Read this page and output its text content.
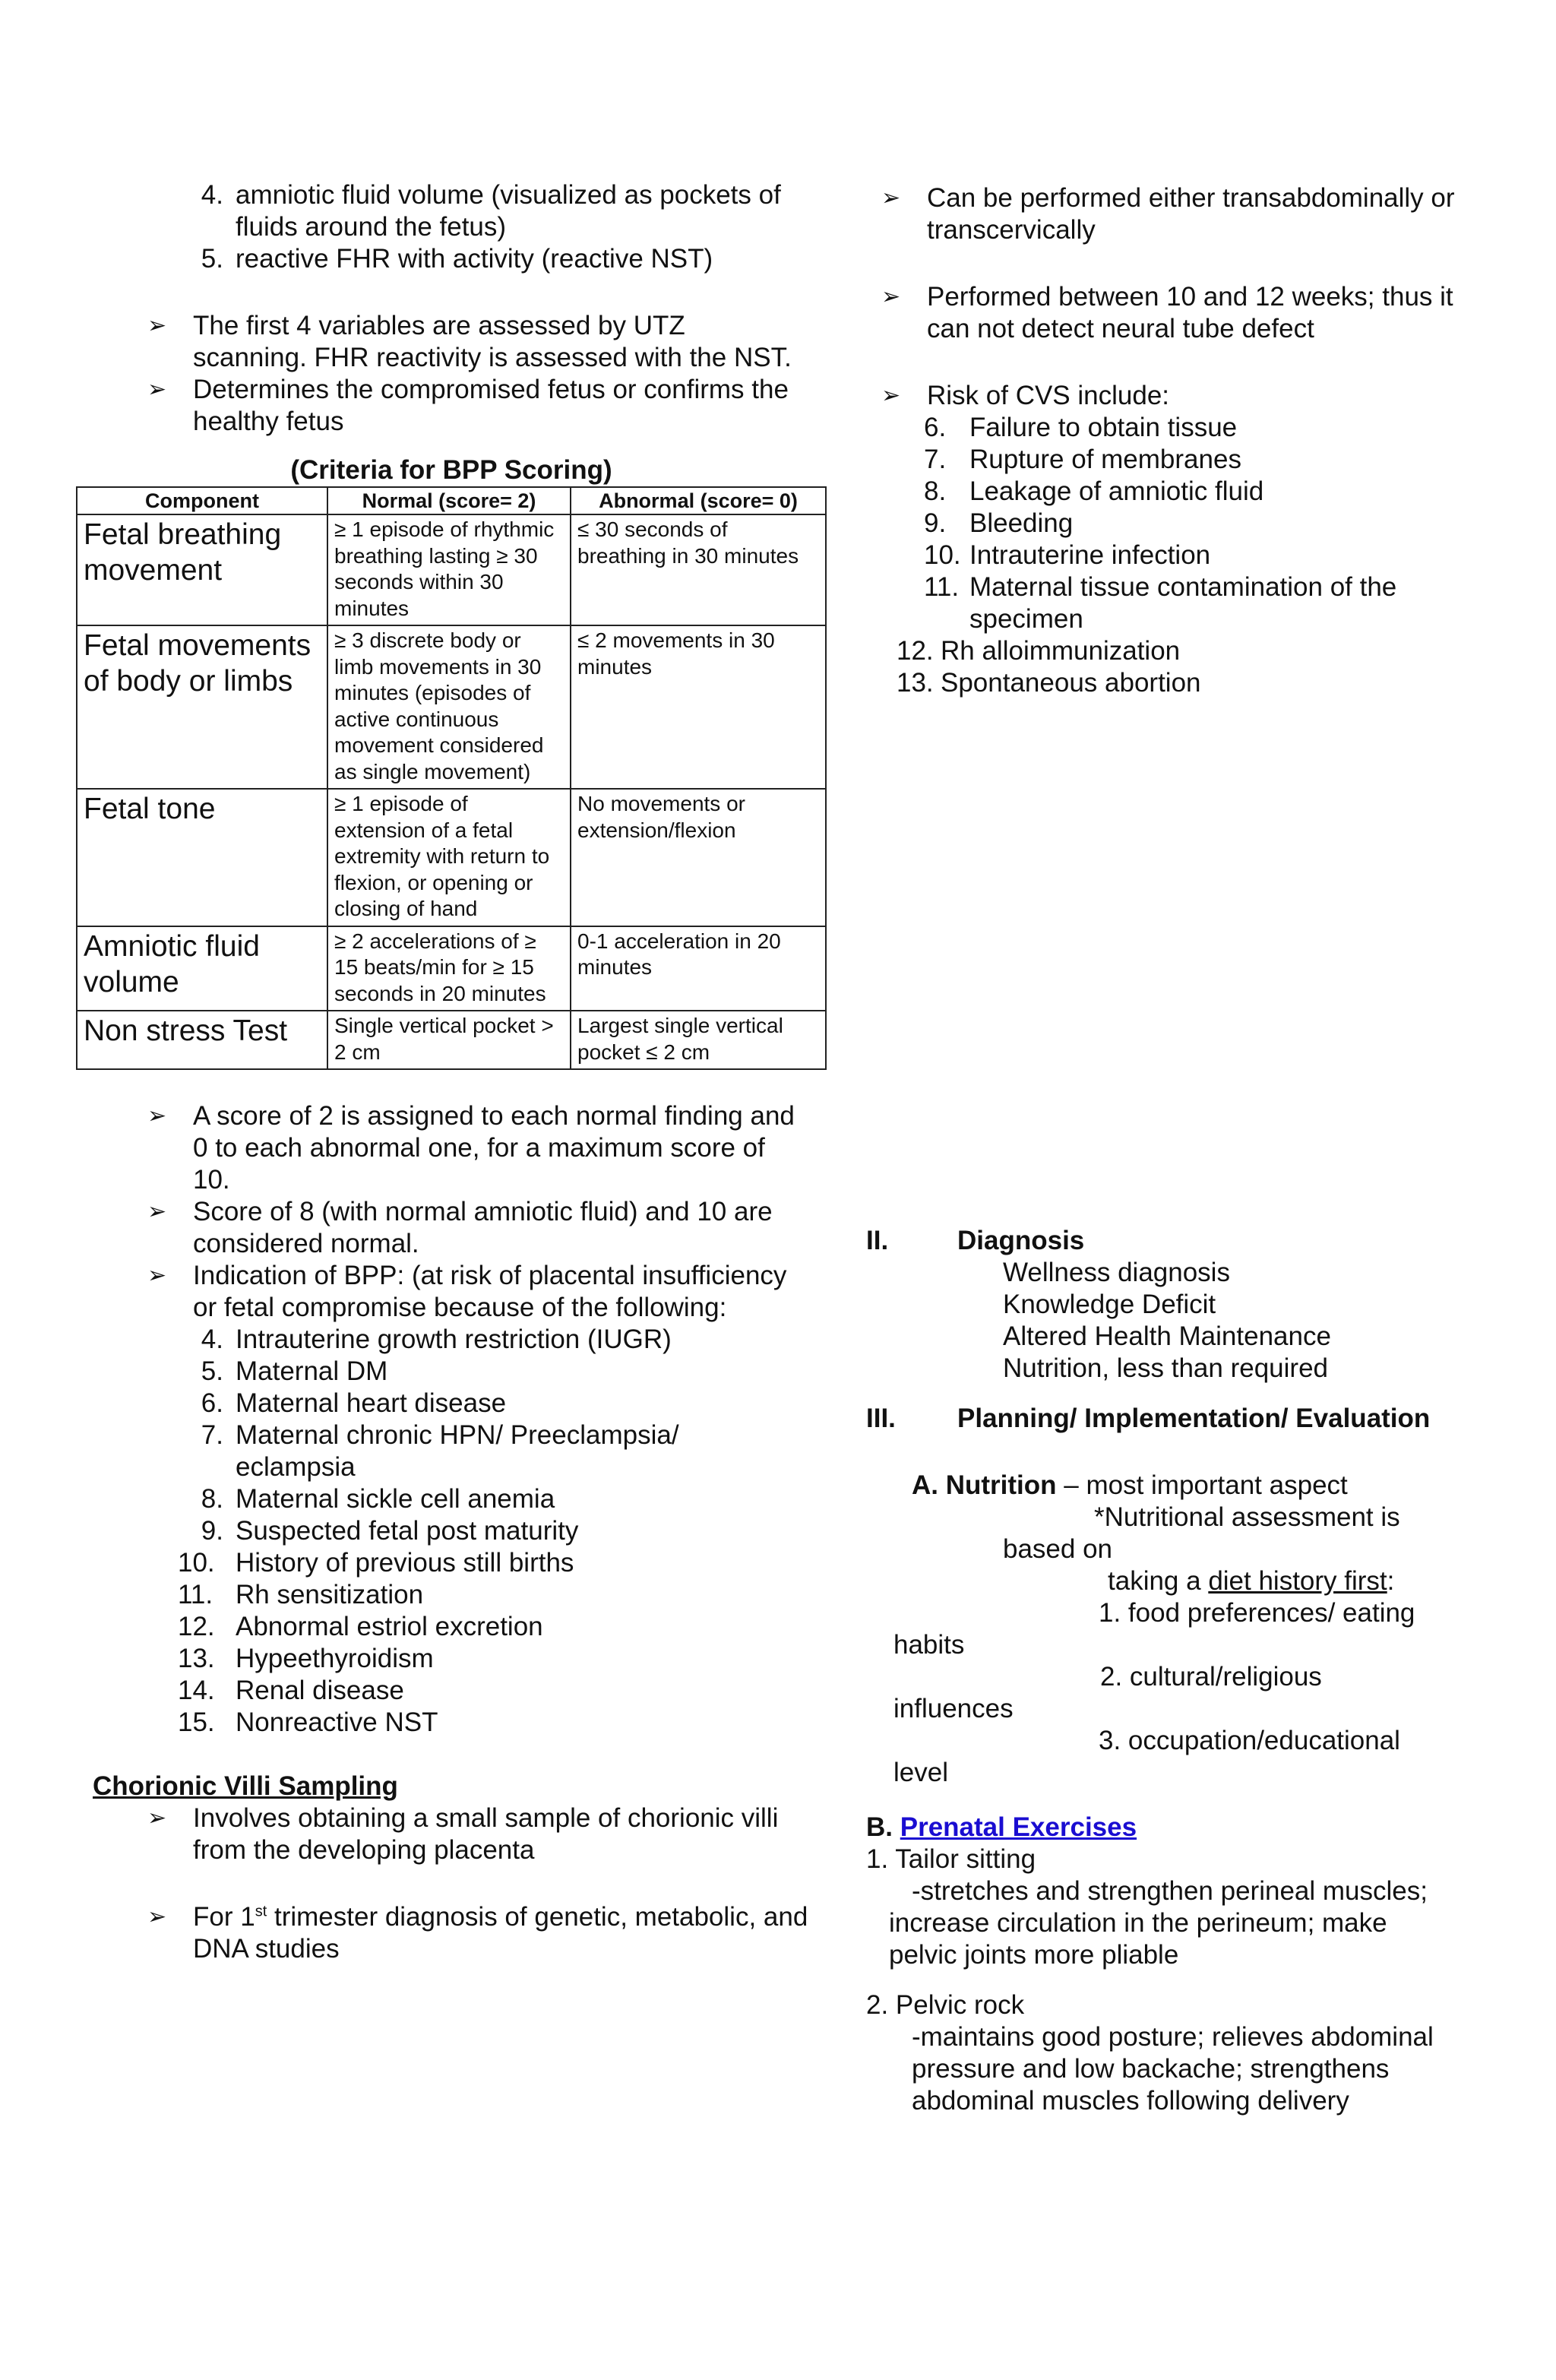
4. amniotic fluid volume (visualized as pockets of fluids around the fetus)
5. reactive FHR with activity (reactive NST)
➢ The first 4 variables are assessed by UTZ scanning. FHR reactivity is assessed with the NST.
➢ Determines the compromised fetus or confirms the healthy fetus

(Criteria for BPP Scoring)

Component	Normal (score= 2)	Abnormal (score= 0)
Fetal breathing movement	≥ 1 episode of rhythmic breathing lasting ≥ 30 seconds within 30 minutes	≤ 30 seconds of breathing in 30 minutes
Fetal movements of body or limbs	≥ 3 discrete body or limb movements in 30 minutes (episodes of active continuous movement considered as single movement)	≤ 2 movements in 30 minutes
Fetal tone	≥ 1 episode of extension of a fetal extremity with return to flexion, or opening or closing of hand	No movements or extension/flexion
Amniotic fluid volume	≥ 2 accelerations of ≥ 15 beats/min for ≥ 15 seconds in 20 minutes	0-1 acceleration in 20 minutes
Non stress Test	Single vertical pocket > 2 cm	Largest single vertical pocket ≤ 2 cm
➢ A score of 2 is assigned to each normal finding and 0 to each abnormal one, for a maximum score of 10.
➢ Score of 8 (with normal amniotic fluid) and 10 are considered normal.
➢ Indication of BPP: (at risk of placental insufficiency or fetal compromise because of the following:
4. Intrauterine growth restriction (IUGR)
5. Maternal DM
6. Maternal heart disease
7. Maternal chronic HPN/ Preeclampsia/ eclampsia
8. Maternal sickle cell anemia
9. Suspected fetal post maturity
10. History of previous still births
11. Rh sensitization
12. Abnormal estriol excretion
13. Hypeethyroidism
14. Renal disease
15. Nonreactive NST
Chorionic Villi Sampling
➢ Involves obtaining a small sample of chorionic villi from the developing placenta
➢ For 1st trimester diagnosis of genetic, metabolic, and DNA studies
➢ Can be performed either transabdominally or transcervically
➢ Performed between 10 and 12 weeks; thus it can not detect neural tube defect
➢ Risk of CVS include:
6. Failure to obtain tissue
7. Rupture of membranes
8. Leakage of amniotic fluid
9. Bleeding
10. Intrauterine infection
11. Maternal tissue contamination of the specimen
12. Rh alloimmunization
13. Spontaneous abortion
II.	Diagnosis
Wellness diagnosis
Knowledge Deficit
Altered Health Maintenance
Nutrition, less than required
III.	Planning/ Implementation/ Evaluation
A. Nutrition – most important aspect
*Nutritional assessment is
based on
taking a diet history first:
1. food preferences/ eating
habits
2. cultural/religious
influences
3. occupation/educational
level
B. Prenatal Exercises
1. Tailor sitting
-stretches and strengthen perineal muscles;
increase circulation in the perineum; make
pelvic joints more pliable
2. Pelvic rock
-maintains good posture; relieves abdominal
pressure and low backache; strengthens
abdominal muscles following delivery
